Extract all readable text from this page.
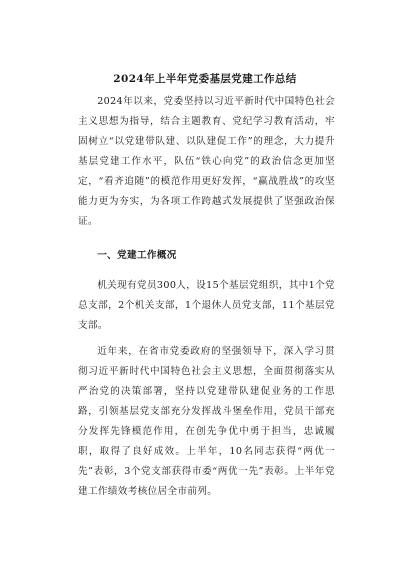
2024年上半年党委基层党建工作总结

2024年以来，党委坚持以习近平新时代中国特色社会主义思想为指导，结合主题教育、党纪学习教育活动，牢固树立“以党建带队建、以队建促工作”的理念，大力提升基层党建工作水平，队伍“铁心向党”的政治信念更加坚定，“看齐追随”的模范作用更好发挥，“赢战胜战”的攻坚能力更为夯实，为各项工作跨越式发展提供了坚强政治保证。

一、党建工作概况

机关现有党员300人，设15个基层党组织，其中1个党总支部，2个机关支部，1个退休人员党支部，11个基层党支部。

近年来，在省市党委政府的坚强领导下，深入学习贯彻习近平新时代中国特色社会主义思想，全面贯彻落实从严治党的决策部署，坚持以党建带队建促业务的工作思路，引领基层党支部充分发挥战斗堡垒作用，党员干部充分发挥先锋模范作用，在创先争优中勇于担当，忠诚履职，取得了良好成效。上半年，10名同志获得“两优一先”表彰，3个党支部获得市委“两优一先”表彰。上半年党建工作绩效考核位居全市前列。
